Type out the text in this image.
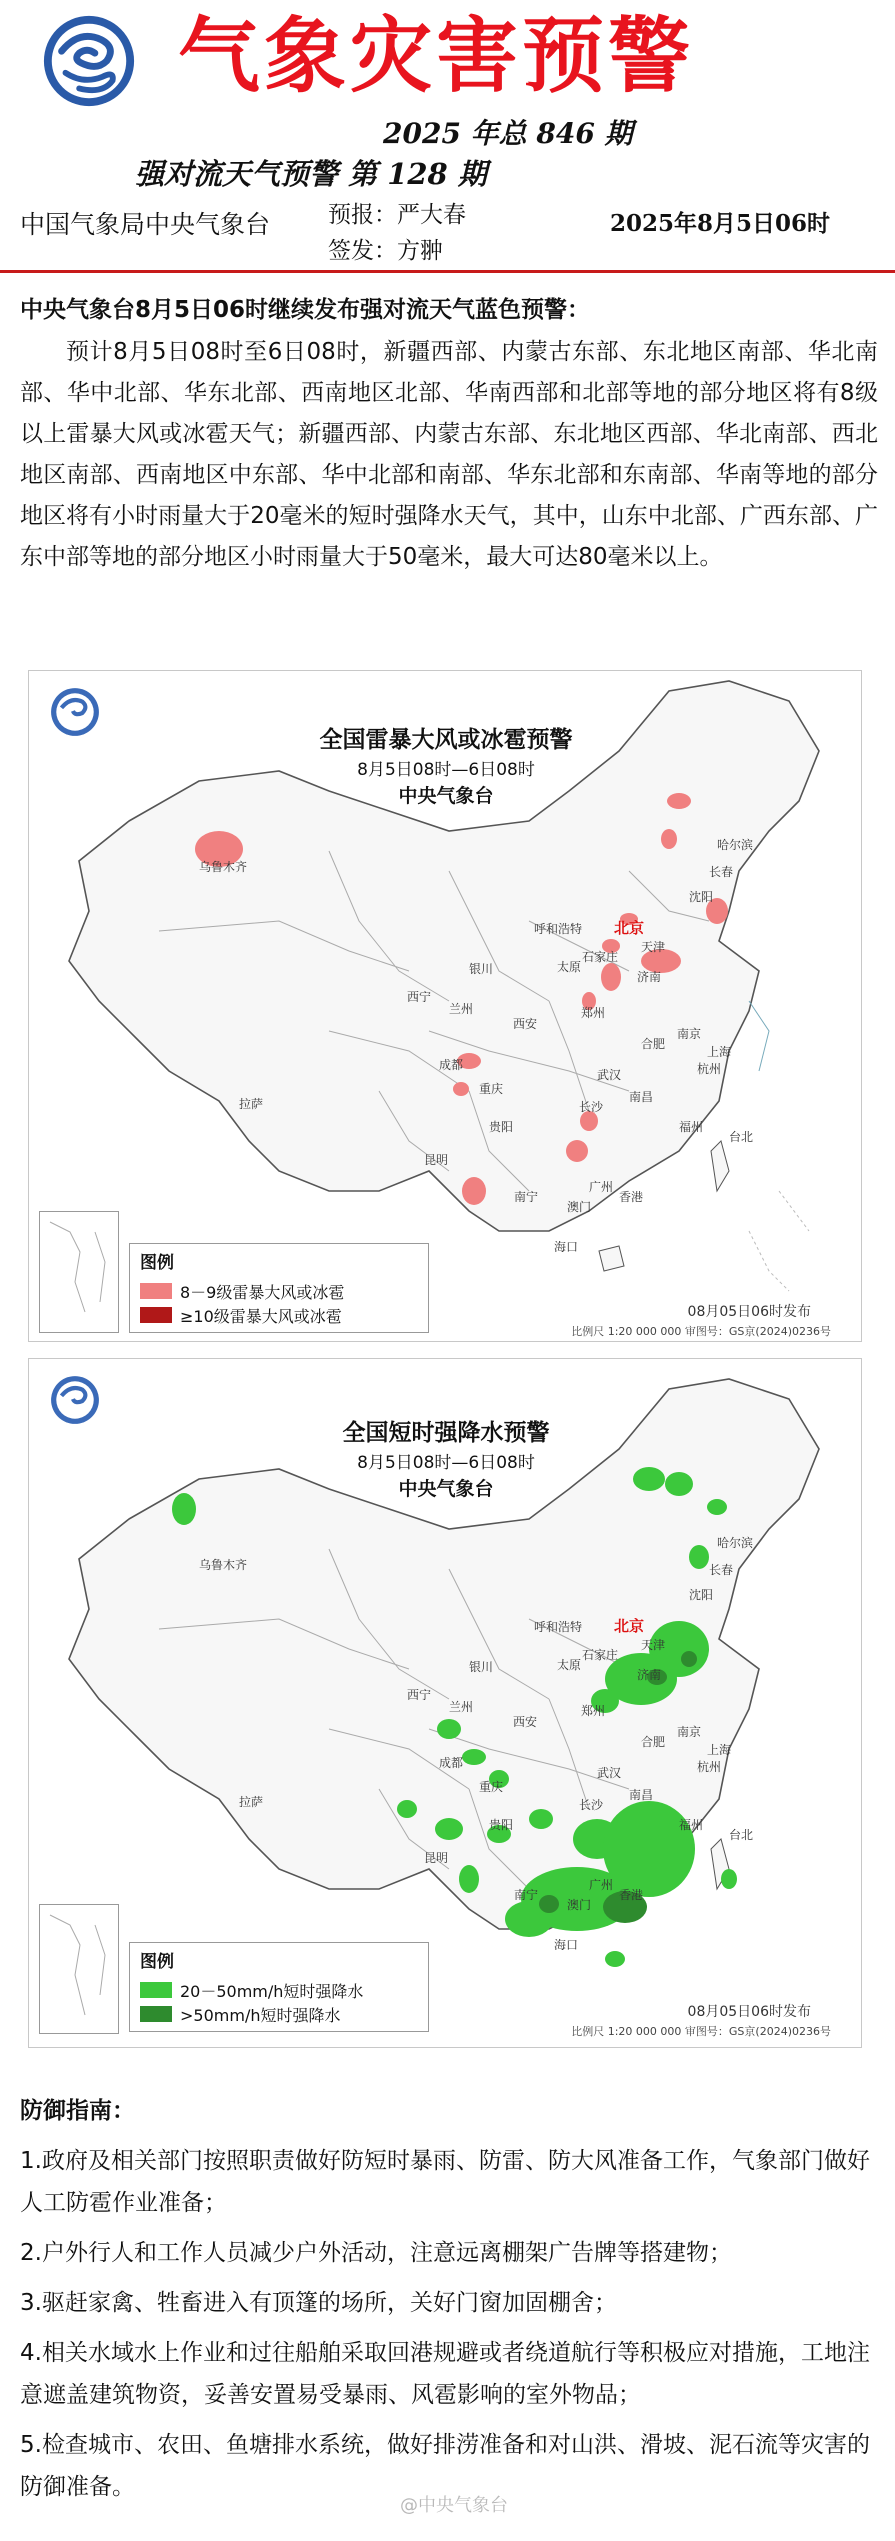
气象灾害预警
2025 年总 846 期
强对流天气预警 第 128 期
中国气象局中央气象台	预报：严大春
签发：方翀
2025年8月5日06时
中央气象台8月5日06时继续发布强对流天气蓝色预警：
预计8月5日08时至6日08时，新疆西部、内蒙古东部、东北地区南部、华北南部、华中北部、华东北部、西南地区北部、华南西部和北部等地的部分地区将有8级以上雷暴大风或冰雹天气；新疆西部、内蒙古东部、东北地区西部、华北南部、西北地区南部、西南地区中东部、华中北部和南部、华东北部和东南部、华南等地的部分地区将有小时雨量大于20毫米的短时强降水天气，其中，山东中北部、广西东部、广东中部等地的部分地区小时雨量大于50毫米，最大可达80毫米以上。
乌鲁木齐
哈尔滨
长春
沈阳
北京
天津
呼和浩特
太原
石家庄
济南
银川
兰州
西宁
西安
郑州
南京
合肥
上海
杭州
武汉
成都
重庆
长沙
南昌
福州
台北
贵阳
昆明
南宁
广州
香港
澳门
海口
拉萨
全国雷暴大风或冰雹预警
8月5日08时—6日08时
中央气象台
图例
8－9级雷暴大风或冰雹
≥10级雷暴大风或冰雹	08月05日06时发布
比例尺 1:20 000 000 审图号：GS京(2024)0236号
乌鲁木齐
哈尔滨
长春
沈阳
北京
天津
呼和浩特
太原
石家庄
济南
银川
兰州
西宁
西安
郑州
南京
合肥
上海
杭州
武汉
成都
重庆
长沙
南昌
福州
台北
贵阳
昆明
南宁
广州
香港
澳门
海口
拉萨
全国短时强降水预警
8月5日08时—6日08时
中央气象台
图例
20－50mm/h短时强降水
>50mm/h短时强降水	08月05日06时发布
比例尺 1:20 000 000 审图号：GS京(2024)0236号

防御指南：

1.政府及相关部门按照职责做好防短时暴雨、防雷、防大风准备工作，气象部门做好人工防雹作业准备；

2.户外行人和工作人员减少户外活动，注意远离棚架广告牌等搭建物；

3.驱赶家禽、牲畜进入有顶篷的场所，关好门窗加固棚舍；

4.相关水域水上作业和过往船舶采取回港规避或者绕道航行等积极应对措施，工地注意遮盖建筑物资，妥善安置易受暴雨、风雹影响的室外物品；

5.检查城市、农田、鱼塘排水系统，做好排涝准备和对山洪、滑坡、泥石流等灾害的防御准备。

@中央气象台
